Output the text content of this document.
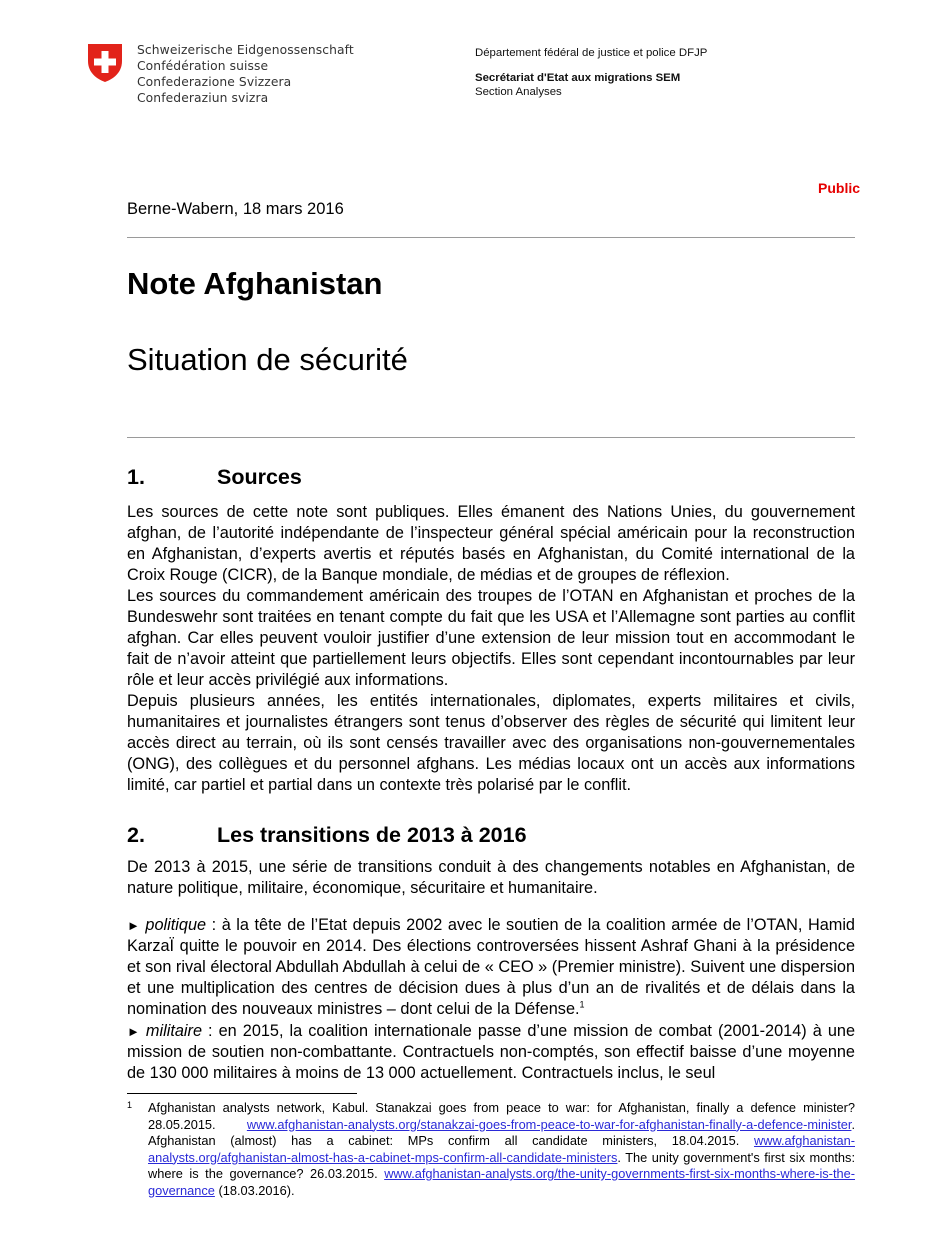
Schweizerische Eidgenossenschaft
Confédération suisse
Confederazione Svizzera
Confederaziun svizra
Département fédéral de justice et police DFJP
Secrétariat d'Etat aux migrations SEM
Section Analyses
Public
Berne-Wabern, 18 mars 2016
Note Afghanistan
Situation de sécurité
1.	Sources
Les sources de cette note sont publiques. Elles émanent des Nations Unies, du gouvernement afghan, de l’autorité indépendante de l’inspecteur général spécial américain pour la reconstruction en Afghanistan, d’experts avertis et réputés basés en Afghanistan, du Comité international de la Croix Rouge (CICR), de la Banque mondiale, de médias et de groupes de réflexion.
Les sources du commandement américain des troupes de l’OTAN en Afghanistan et proches de la Bundeswehr sont traitées en tenant compte du fait que les USA et l’Allemagne sont parties au conflit afghan. Car elles peuvent vouloir justifier d’une extension de leur mission tout en accommodant le fait de n’avoir atteint que partiellement leurs objectifs. Elles sont cependant incontournables par leur rôle et leur accès privilégié aux informations.
Depuis plusieurs années, les entités internationales, diplomates, experts militaires et civils, humanitaires et journalistes étrangers sont tenus d’observer des règles de sécurité qui limitent leur accès direct au terrain, où ils sont censés travailler avec des organisations non-gouvernementales (ONG), des collègues et du personnel afghans. Les médias locaux ont un accès aux informations limité, car partiel et partial dans un contexte très polarisé par le conflit.
2.	Les transitions de 2013 à 2016
De 2013 à 2015, une série de transitions conduit à des changements notables en Afghanistan, de nature politique, militaire, économique, sécuritaire et humanitaire.
► politique : à la tête de l’Etat depuis 2002 avec le soutien de la coalition armée de l’OTAN, Hamid KarzaÏ quitte le pouvoir en 2014. Des élections controversées hissent Ashraf Ghani à la présidence et son rival électoral Abdullah Abdullah à celui de « CEO » (Premier ministre). Suivent une dispersion et une multiplication des centres de décision dues à plus d’un an de rivalités et de délais dans la nomination des nouveaux ministres – dont celui de la Défense.$^1$
► militaire : en 2015, la coalition internationale passe d’une mission de combat (2001-2014) à une mission de soutien non-combattante. Contractuels non-comptés, son effectif baisse d’une moyenne de 130 000 militaires à moins de 13 000 actuellement. Contractuels inclus, le seul
1 Afghanistan analysts network, Kabul. Stanakzai goes from peace to war: for Afghanistan, finally a defence minister? 28.05.2015. www.afghanistan-analysts.org/stanakzai-goes-from-peace-to-war-for-afghanistan-finally-a-defence-minister. Afghanistan (almost) has a cabinet: MPs confirm all candidate ministers, 18.04.2015. www.afghanistan-analysts.org/afghanistan-almost-has-a-cabinet-mps-confirm-all-candidate-ministers. The unity government's first six months: where is the governance? 26.03.2015. www.afghanistan-analysts.org/the-unity-governments-first-six-months-where-is-the-governance (18.03.2016).
